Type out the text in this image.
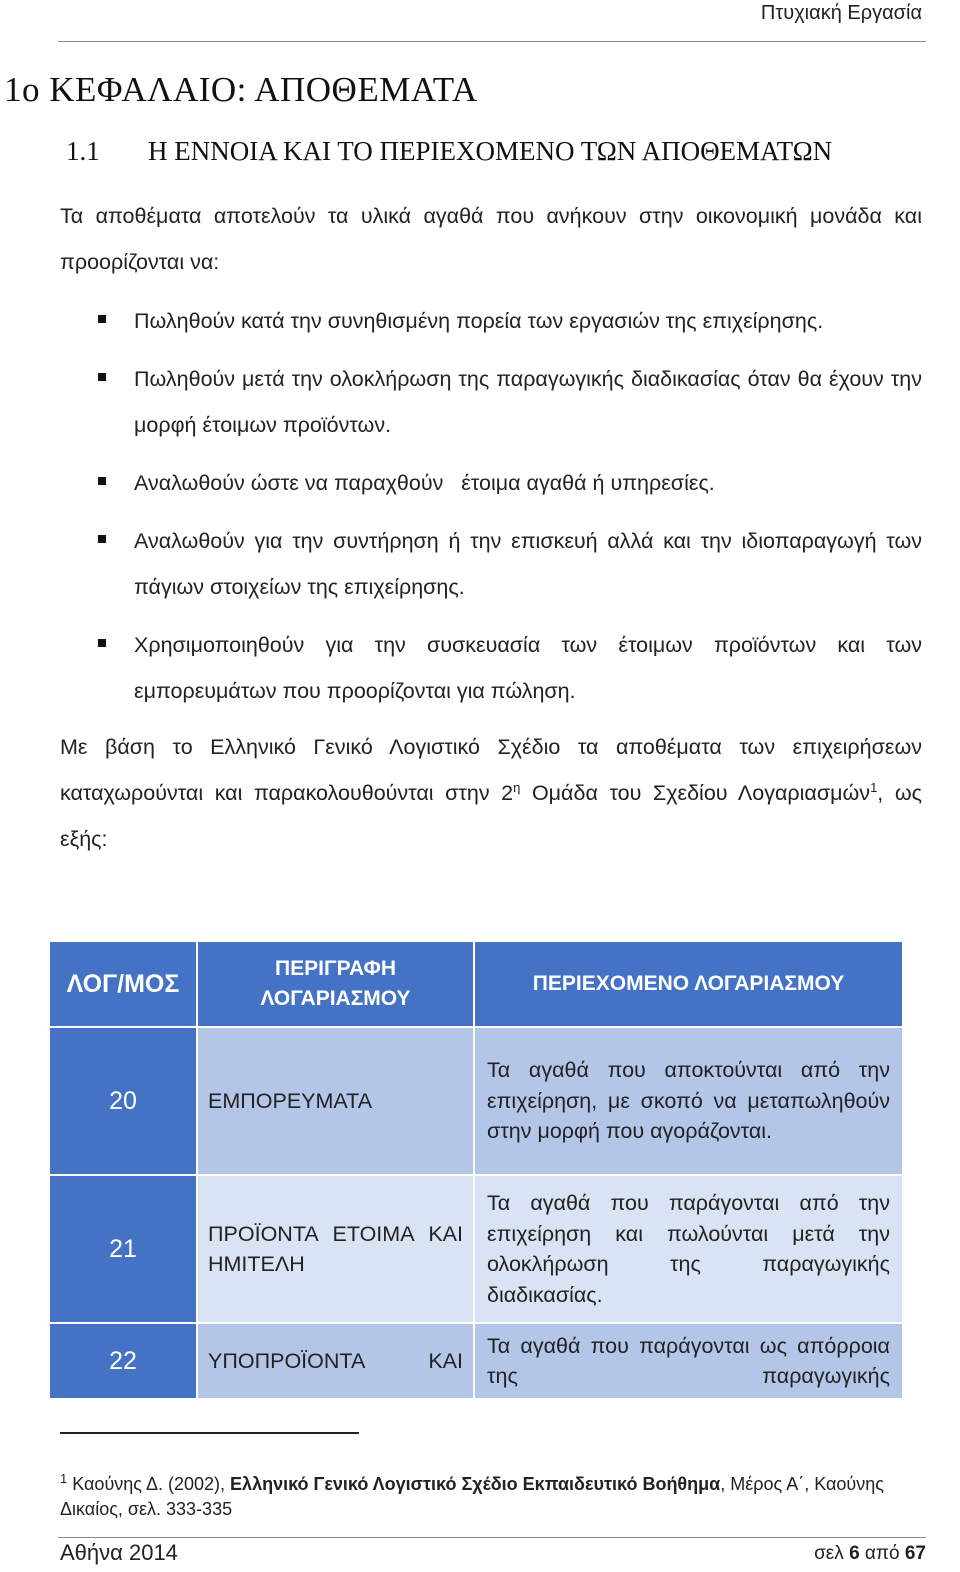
Πτυχιακή Εργασία
1ο ΚΕΦΑΛΑΙΟ: ΑΠΟΘΕΜΑΤΑ
1.1 Η ΕΝΝΟΙΑ ΚΑΙ ΤΟ ΠΕΡΙΕΧΟΜΕΝΟ ΤΩΝ ΑΠΟΘΕΜΑΤΩΝ
Τα αποθέματα αποτελούν τα υλικά αγαθά που ανήκουν στην οικονομική μονάδα και προορίζονται να:
Πωληθούν κατά την συνηθισμένη πορεία των εργασιών της επιχείρησης.
Πωληθούν μετά την ολοκλήρωση της παραγωγικής διαδικασίας όταν θα έχουν την μορφή έτοιμων προϊόντων.
Αναλωθούν ώστε να παραχθούν   έτοιμα αγαθά ή υπηρεσίες.
Αναλωθούν για την συντήρηση ή την επισκευή αλλά και την ιδιοπαραγωγή των πάγιων στοιχείων της επιχείρησης.
Χρησιμοποιηθούν για την συσκευασία των έτοιμων προϊόντων και των εμπορευμάτων που προορίζονται για πώληση.
Με βάση το Ελληνικό Γενικό Λογιστικό Σχέδιο τα αποθέματα των επιχειρήσεων καταχωρούνται και παρακολουθούνται στην $2^\eta$ Ομάδα του Σχεδίου Λογαριασμών$^1$, ως εξής:
ΛΟΓ/ΜΟΣ	ΠΕΡΙΓΡΑΦΗ ΛΟΓΑΡΙΑΣΜΟΥ	ΠΕΡΙΕΧΟΜΕΝΟ ΛΟΓΑΡΙΑΣΜΟΥ
20	ΕΜΠΟΡΕΥΜΑΤΑ	Τα αγαθά που αποκτούνται από την επιχείρηση, με σκοπό να μεταπωληθούν στην μορφή που αγοράζονται.
21	ΠΡΟΪΟΝΤΑ ΕΤΟΙΜΑ ΚΑΙ ΗΜΙΤΕΛΗ	Τα αγαθά που παράγονται από την επιχείρηση και πωλούνται μετά την ολοκλήρωση της παραγωγικής διαδικασίας.
22	ΥΠΟΠΡΟΪΟΝΤΑ ΚΑΙ	Τα αγαθά που παράγονται ως απόρροια της παραγωγικής
$^1$ Καούνης Δ. (2002), Ελληνικό Γενικό Λογιστικό Σχέδιο Εκπαιδευτικό Βοήθημα, Μέρος Α΄, Καούνης Δικαίος, σελ. 333-335
Αθήνα 2014	σελ 6 από 67
